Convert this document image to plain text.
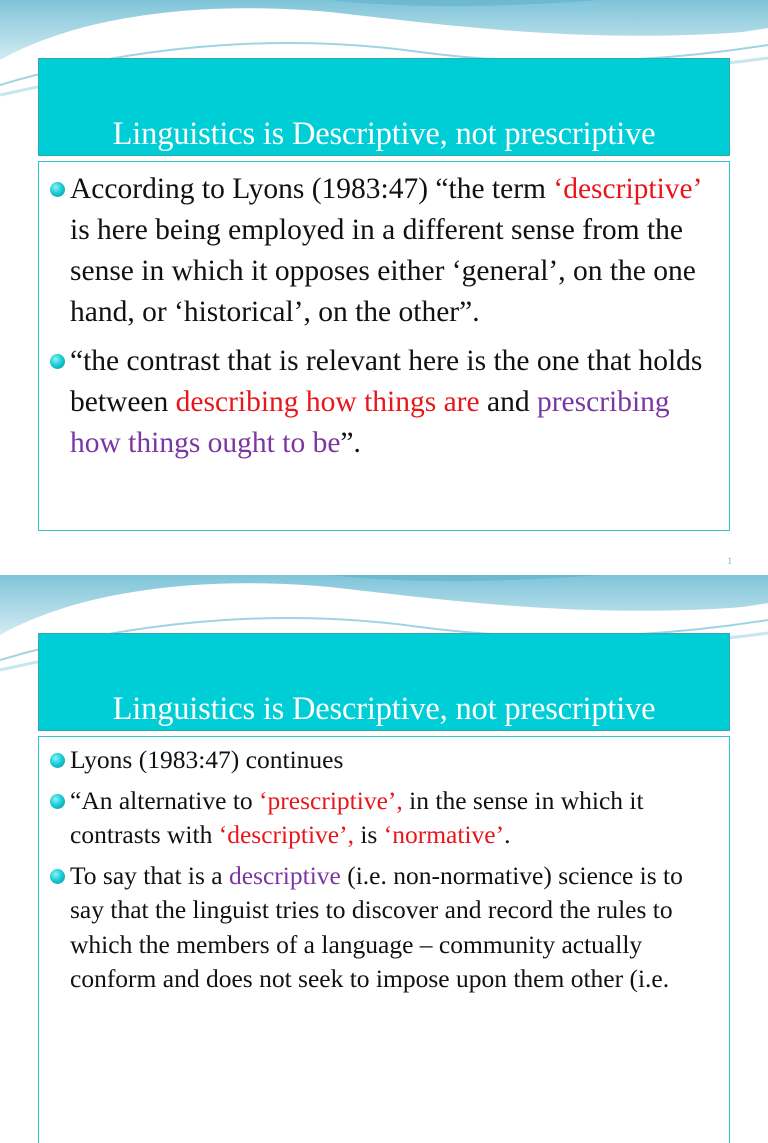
Linguistics is Descriptive, not prescriptive

According to Lyons (1983:47) “the term ‘descriptive’ is here being employed in a different sense from the sense in which it opposes either ‘general’, on the one hand, or ‘historical’, on the other”.

“the contrast that is relevant here is the one that holds between describing how things are and prescribing how things ought to be”.

1
Linguistics is Descriptive, not prescriptive

Lyons (1983:47) continues

“An alternative to ‘prescriptive’, in the sense in which it contrasts with ‘descriptive’, is ‘normative’.

To say that is a descriptive (i.e. non-normative) science is to say that the linguist tries to discover and record the rules to which the members of a language – community actually conform and does not seek to impose upon them other (i.e.
